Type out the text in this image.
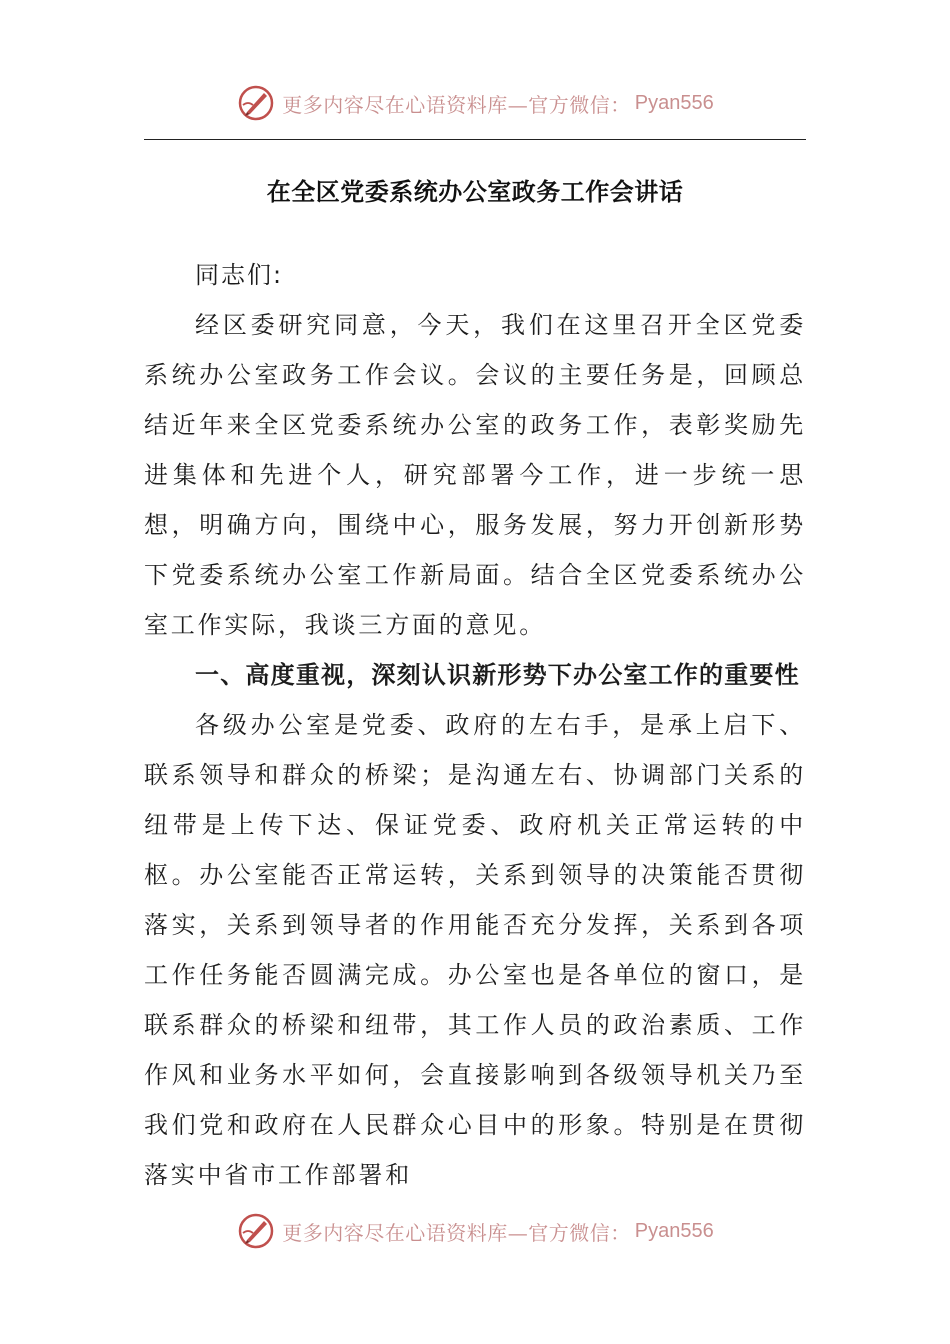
更多内容尽在心语资料库—官方微信： Pyan556
在全区党委系统办公室政务工作会讲话

同志们:

经区委研究同意，今天，我们在这里召开全区党委系统办公室政务工作会议。会议的主要任务是，回顾总结近年来全区党委系统办公室的政务工作，表彰奖励先进集体和先进个人，研究部署今工作，进一步统一思想，明确方向，围绕中心，服务发展，努力开创新形势下党委系统办公室工作新局面。结合全区党委系统办公室工作实际，我谈三方面的意见。

一、高度重视，深刻认识新形势下办公室工作的重要性

各级办公室是党委、政府的左右手，是承上启下、联系领导和群众的桥梁；是沟通左右、协调部门关系的纽带是上传下达、保证党委、政府机关正常运转的中枢。办公室能否正常运转，关系到领导的决策能否贯彻落实，关系到领导者的作用能否充分发挥，关系到各项工作任务能否圆满完成。办公室也是各单位的窗口，是联系群众的桥梁和纽带，其工作人员的政治素质、工作作风和业务水平如何，会直接影响到各级领导机关乃至我们党和政府在人民群众心目中的形象。特别是在贯彻落实中省市工作部署和

更多内容尽在心语资料库—官方微信： Pyan556
